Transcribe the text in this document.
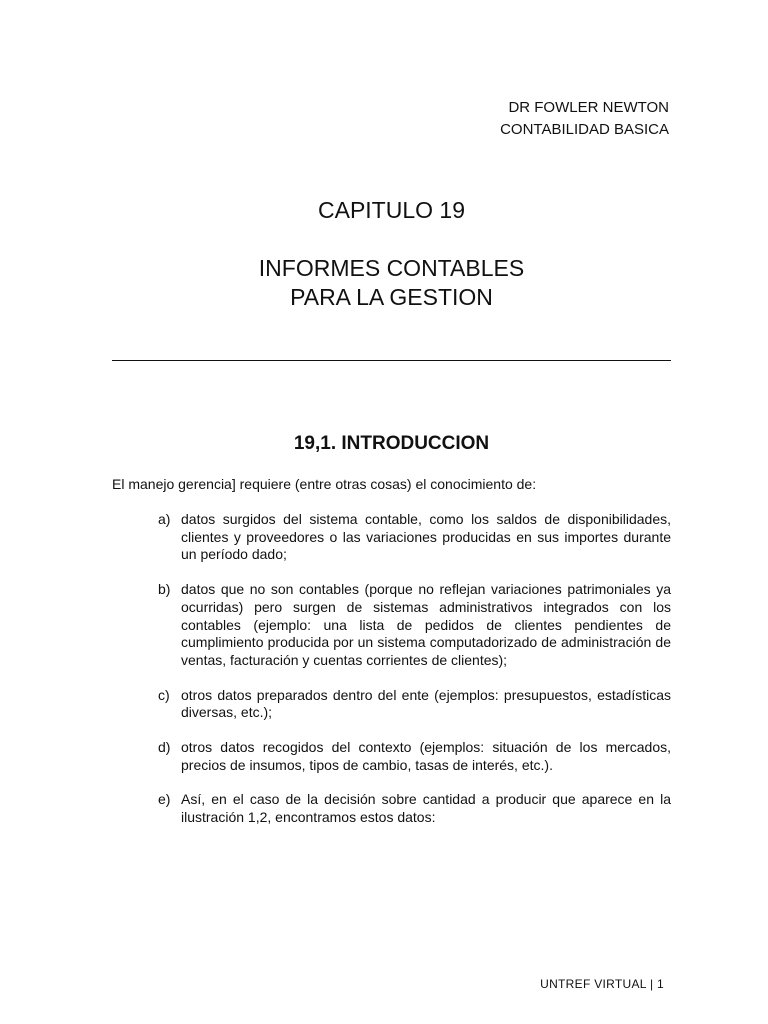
DR FOWLER NEWTON
CONTABILIDAD BASICA
CAPITULO 19
INFORMES CONTABLES
PARA LA GESTION
19,1. INTRODUCCION
El manejo gerencia] requiere (entre otras cosas) el conocimiento de:
a) datos surgidos del sistema contable, como los saldos de disponibilidades, clientes y proveedores o las variaciones producidas en sus importes durante un período dado;
b) datos que no son contables (porque no reflejan variaciones patrimoniales ya ocurridas) pero surgen de sistemas administrativos integrados con los contables (ejemplo: una lista de pedidos de clientes pendientes de cumplimiento producida por un sistema computadorizado de administración de ventas, facturación y cuentas corrientes de clientes);
c) otros datos preparados dentro del ente (ejemplos: presupuestos, estadísticas diversas, etc.);
d) otros datos recogidos del contexto (ejemplos: situación de los mercados, precios de insumos, tipos de cambio, tasas de interés, etc.).
e) Así, en el caso de la decisión sobre cantidad a producir que aparece en la ilustración 1,2, encontramos estos datos:
UNTREF VIRTUAL | 1
